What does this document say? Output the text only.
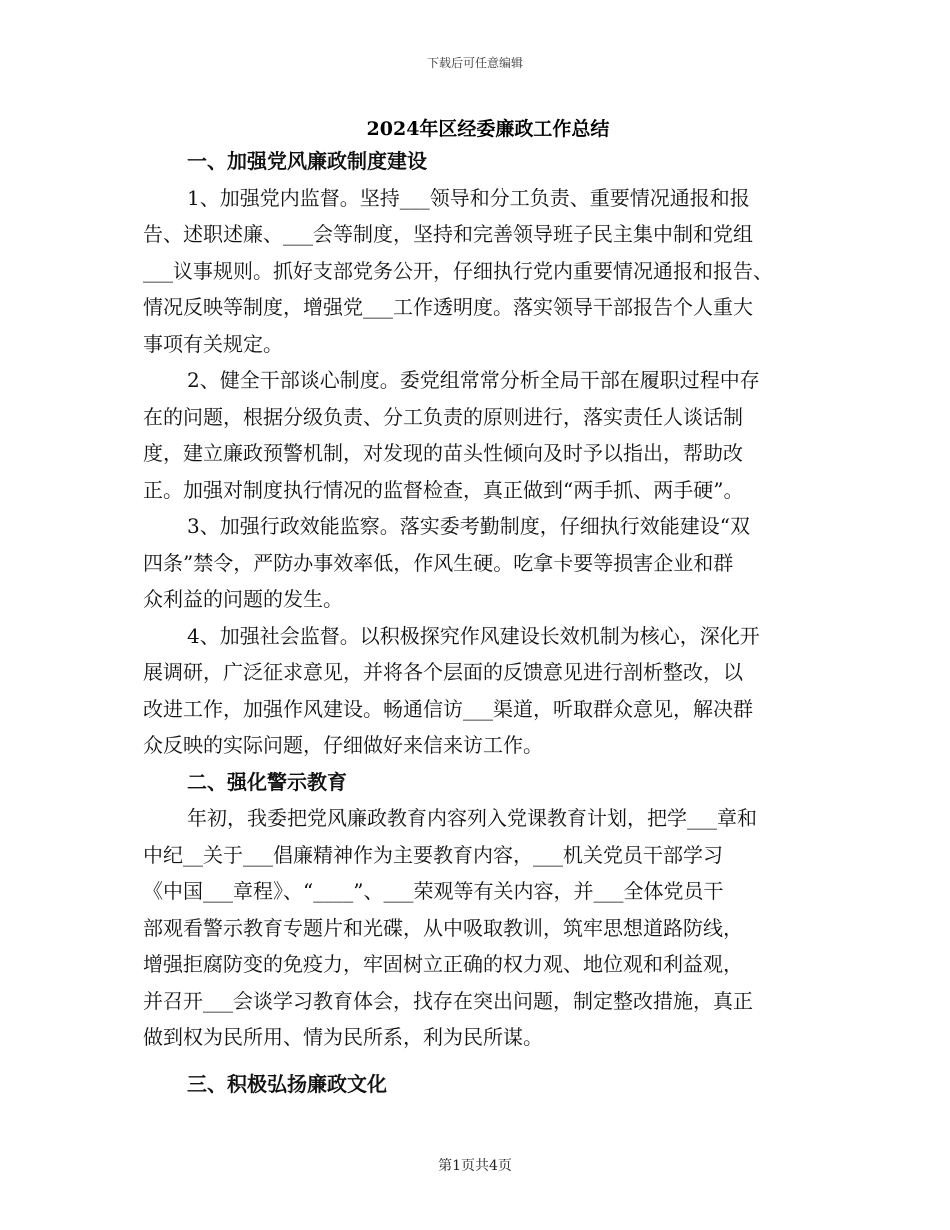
下载后可任意编辑
2024年区经委廉政工作总结
一、加强党风廉政制度建设
1、加强党内监督。坚持___领导和分工负责、重要情况通报和报
告、述职述廉、___会等制度，坚持和完善领导班子民主集中制和党组
___议事规则。抓好支部党务公开，仔细执行党内重要情况通报和报告、
情况反映等制度，增强党___工作透明度。落实领导干部报告个人重大
事项有关规定。
2、健全干部谈心制度。委党组常常分析全局干部在履职过程中存
在的问题，根据分级负责、分工负责的原则进行，落实责任人谈话制
度，建立廉政预警机制，对发现的苗头性倾向及时予以指出，帮助改
正。加强对制度执行情况的监督检查，真正做到“两手抓、两手硬”。
3、加强行政效能监察。落实委考勤制度，仔细执行效能建设“双
四条”禁令，严防办事效率低，作风生硬。吃拿卡要等损害企业和群
众利益的问题的发生。
4、加强社会监督。以积极探究作风建设长效机制为核心，深化开
展调研，广泛征求意见，并将各个层面的反馈意见进行剖析整改，以
改进工作，加强作风建设。畅通信访___渠道，听取群众意见，解决群
众反映的实际问题，仔细做好来信来访工作。
二、强化警示教育
年初，我委把党风廉政教育内容列入党课教育计划，把学___章和
中纪__关于___倡廉精神作为主要教育内容，___机关党员干部学习
《中国___章程》、“____”、___荣观等有关内容，并___全体党员干
部观看警示教育专题片和光碟，从中吸取教训，筑牢思想道路防线，
增强拒腐防变的免疫力，牢固树立正确的权力观、地位观和利益观，
并召开___会谈学习教育体会，找存在突出问题，制定整改措施，真正
做到权为民所用、情为民所系，利为民所谋。
三、积极弘扬廉政文化
第1页共4页
